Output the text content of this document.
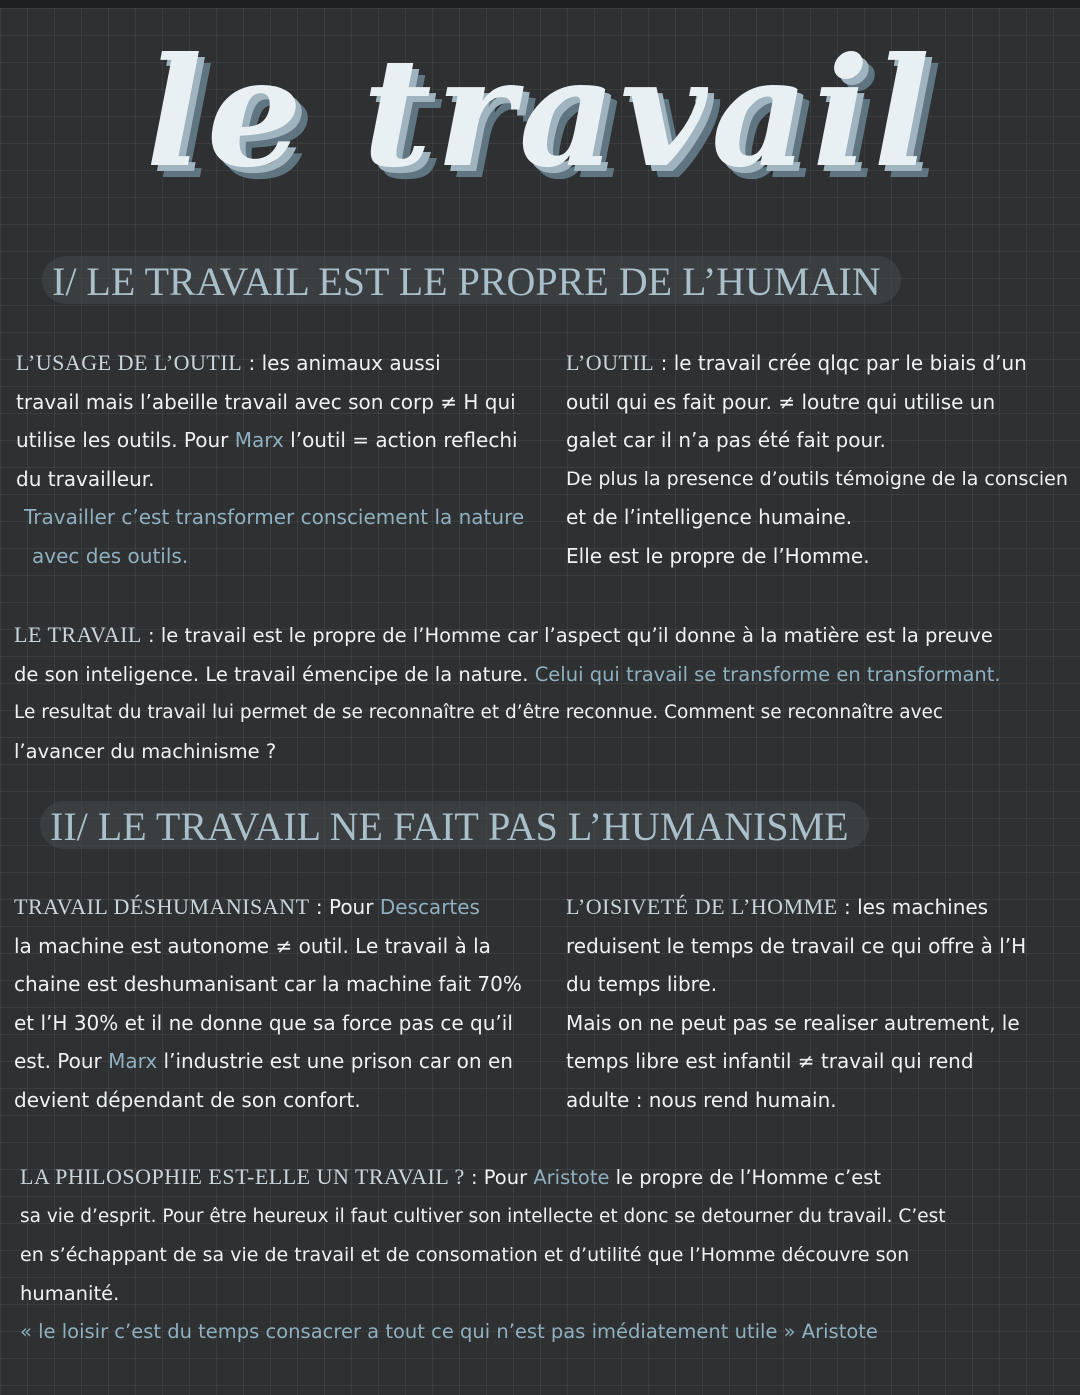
le travail
I/ LE TRAVAIL EST LE PROPRE DE L’HUMAIN
L’USAGE DE L’OUTIL : les animaux aussi
travail mais l’abeille travail avec son corp ≠ H qui
utilise les outils. Pour Marx l’outil = action reflechi
du travailleur.
Travailler c’est transformer consciement la nature
avec des outils.
L’OUTIL : le travail crée qlqc par le biais d’un
outil qui es fait pour. ≠ loutre qui utilise un
galet car il n’a pas été fait pour.
De plus la presence d’outils témoigne de la conscien
et de l’intelligence humaine.
Elle est le propre de l’Homme.
LE TRAVAIL : le travail est le propre de l’Homme car l’aspect qu’il donne à la matière est la preuve
de son inteligence. Le travail émencipe de la nature. Celui qui travail se transforme en transformant.
Le resultat du travail lui permet de se reconnaître et d’être reconnue. Comment se reconnaître avec
l’avancer du machinisme ?
II/ LE TRAVAIL NE FAIT PAS L’HUMANISME
TRAVAIL DÉSHUMANISANT : Pour Descartes
la machine est autonome ≠ outil. Le travail à la
chaine est deshumanisant car la machine fait 70%
et l’H 30% et il ne donne que sa force pas ce qu’il
est. Pour Marx l’industrie est une prison car on en
devient dépendant de son confort.
L’OISIVETÉ DE L’HOMME : les machines
reduisent le temps de travail ce qui offre à l’H
du temps libre.
Mais on ne peut pas se realiser autrement, le
temps libre est infantil ≠ travail qui rend
adulte : nous rend humain.
LA PHILOSOPHIE EST-ELLE UN TRAVAIL ? : Pour Aristote le propre de l’Homme c’est
sa vie d’esprit. Pour être heureux il faut cultiver son intellecte et donc se detourner du travail. C’est
en s’échappant de sa vie de travail et de consomation et d’utilité que l’Homme découvre son
humanité.
« le loisir c’est du temps consacrer a tout ce qui n’est pas imédiatement utile » Aristote
